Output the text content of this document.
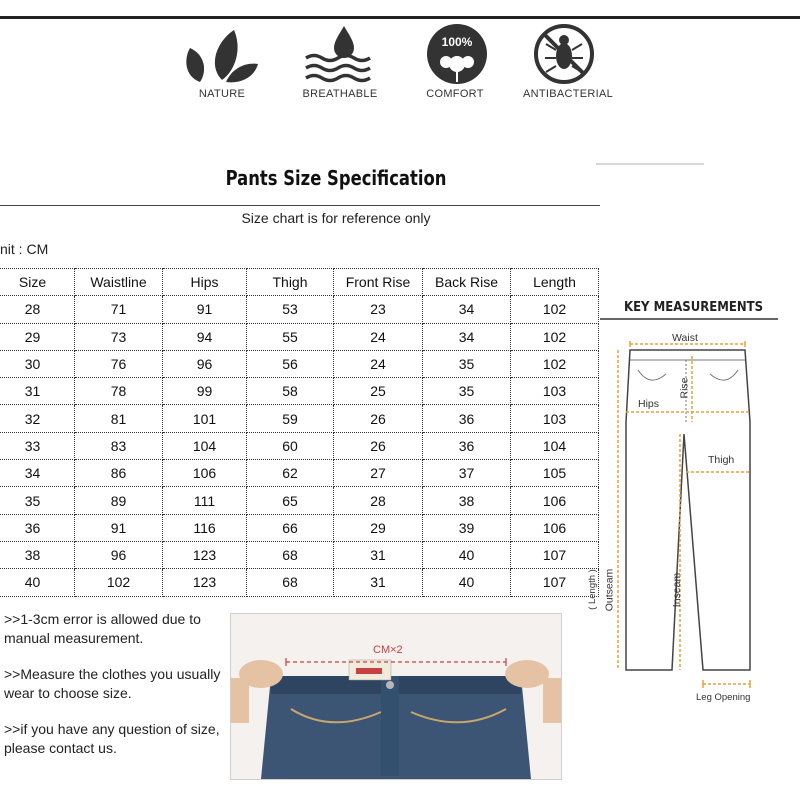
NATURE	BREATHABLE
100%
COMFORT	ANTIBACTERIAL
Pants Size Specification
Size chart is for reference only
nit : CM
Size	Waistline	Hips	Thigh	Front Rise	Back Rise	Length
28	71	91	53	23	34	102
29	73	94	55	24	34	102
30	76	96	56	24	35	102
31	78	99	58	25	35	103
32	81	101	59	26	36	103
33	83	104	60	26	36	104
34	86	106	62	27	37	105
35	89	111	65	28	38	106
36	91	116	66	29	39	106
38	96	123	68	31	40	107
40	102	123	68	31	40	107

>>1-3cm error is allowed due to manual measurement.

>>Measure the clothes you usually wear to choose size.

>>if you have any question of size, please contact us.

CM×2
KEY MEASUREMENTS
Waist
Rise
Hips
Thigh
Outseam
( Length )	Inseam
Leg Opening
